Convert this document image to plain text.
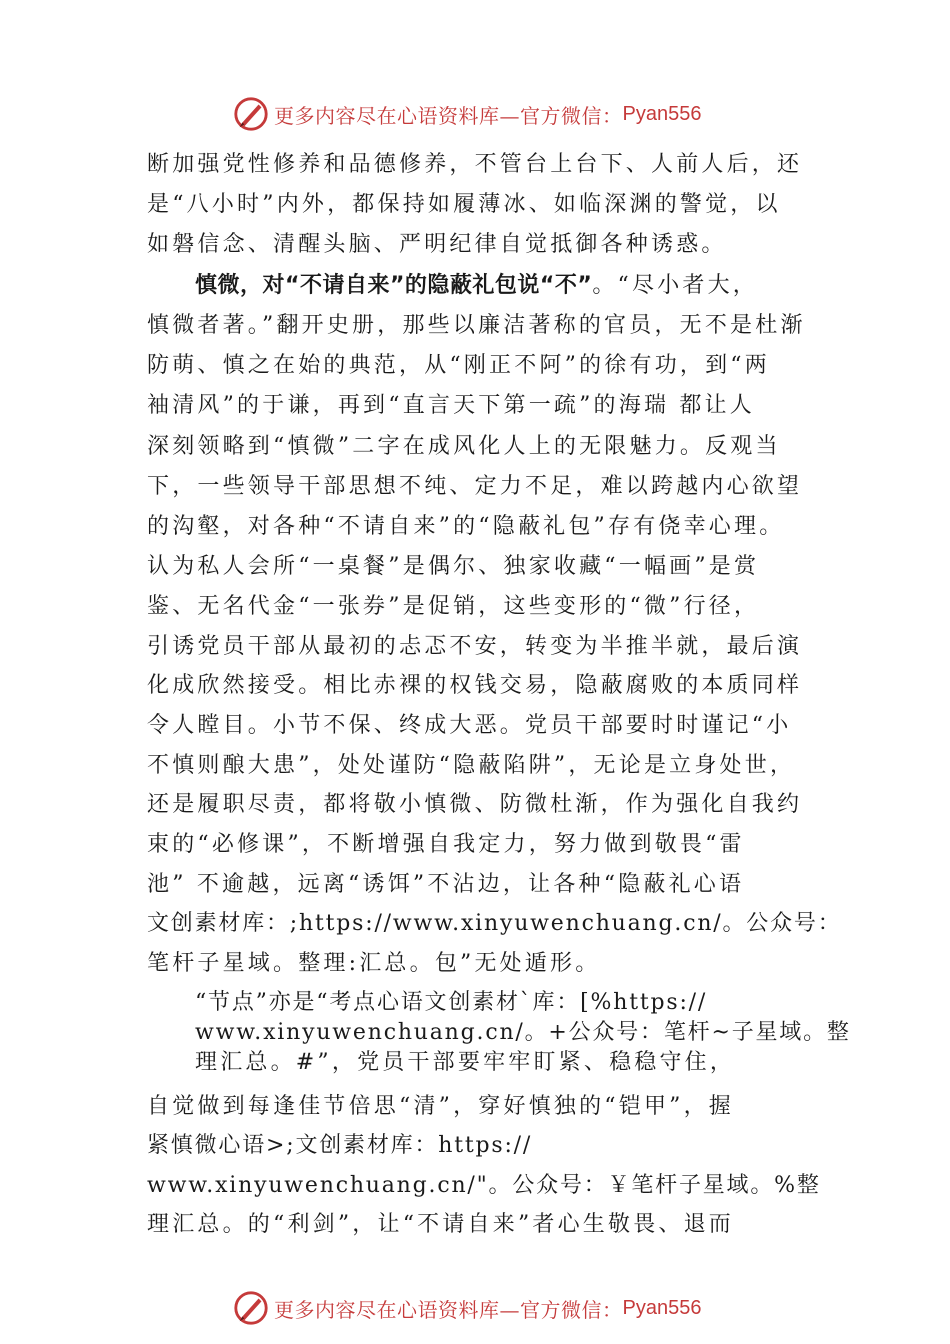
更多内容尽在心语资料库—官方微信： Pyan556
断加强党性修养和品德修养，不管台上台下、人前人后，还
是“八小时”内外，都保持如履薄冰、如临深渊的警觉，以
如磐信念、清醒头脑、严明纪律自觉抵御各种诱惑。
慎微，对“不请自来”的隐蔽礼包说“不”。“尽小者大，
慎微者著。”翻开史册，那些以廉洁著称的官员，无不是杜渐
防萌、慎之在始的典范，从“刚正不阿”的徐有功，到“两
袖清风”的于谦，再到“直言天下第一疏”的海瑞 都让人
深刻领略到“慎微”二字在成风化人上的无限魅力。反观当
下，一些领导干部思想不纯、定力不足，难以跨越内心欲望
的沟壑，对各种“不请自来”的“隐蔽礼包”存有侥幸心理。
认为私人会所“一桌餐”是偶尔、独家收藏“一幅画”是赏
鉴、无名代金“一张券”是促销，这些变形的“微”行径，
引诱党员干部从最初的忐忑不安，转变为半推半就，最后演
化成欣然接受。相比赤裸的权钱交易，隐蔽腐败的本质同样
令人瞠目。小节不保、终成大恶。党员干部要时时谨记“小
不慎则酿大患”，处处谨防“隐蔽陷阱”，无论是立身处世，
还是履职尽责，都将敬小慎微、防微杜渐，作为强化自我约
束的“必修课”，不断增强自我定力，努力做到敬畏“雷
池” 不逾越，远离“诱饵”不沾边，让各种“隐蔽礼心语
文创素材库：;https://www.xinyuwenchuang.cn/。公众号：
笔杆子星域。整理:汇总。包”无处遁形。
“节点”亦是“考点心语文创素材`库：[%https://
www.xinyuwenchuang.cn/。+公众号：笔杆~子星域。整
理汇总。#”，党员干部要牢牢盯紧、稳稳守住，
自觉做到每逢佳节倍思“清”，穿好慎独的“铠甲”，握
紧慎微心语>;文创素材库：https://
www.xinyuwenchuang.cn/"。公众号：￥笔杆子星域。%整
理汇总。的“利剑”，让“不请自来”者心生敬畏、退而
更多内容尽在心语资料库—官方微信： Pyan556
